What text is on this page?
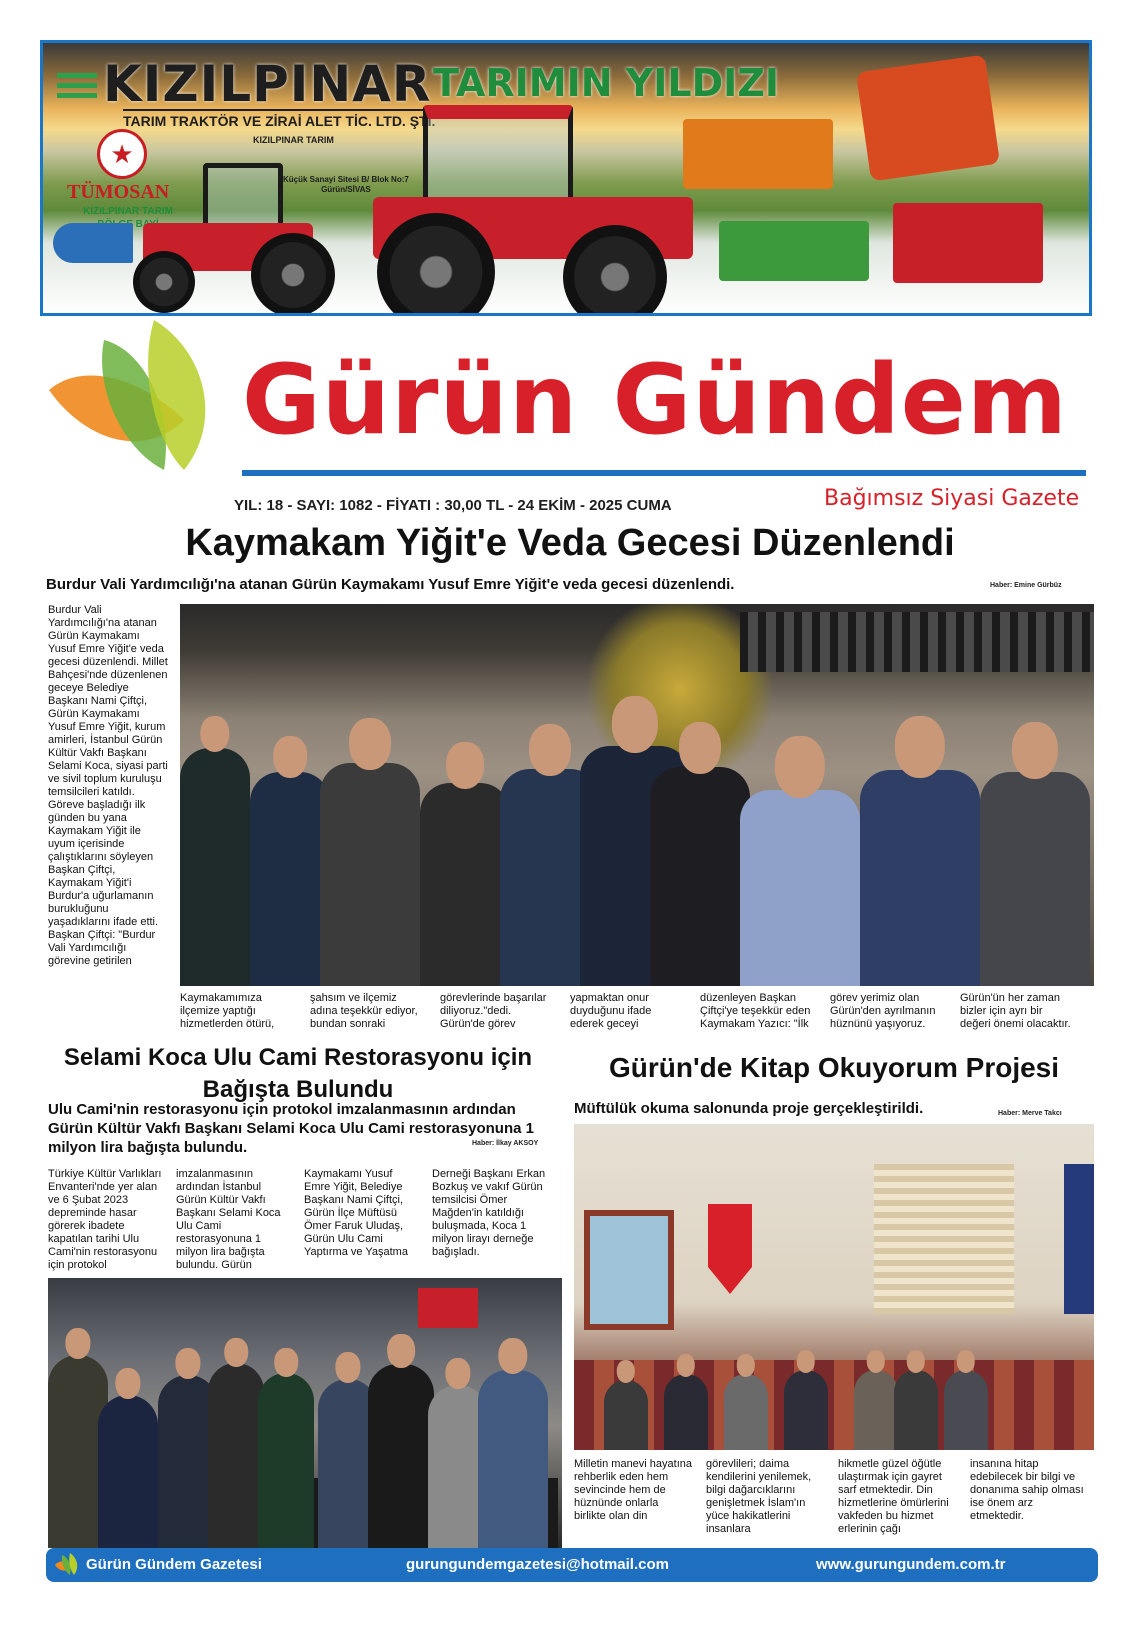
KIZILPINAR TARIMIN YILDIZI
TARIM TRAKTÖR VE ZİRAİ ALET TİC. LTD. ŞTİ.
★
TÜMOSAN
KIZILPINAR TARIM
KIZILPINAR TARIM
Küçük Sanayi Sitesi B/ Blok No:7
Gürün/SİVAS
Gürün Gündem
YIL: 18 - SAYI: 1082 - FİYATI : 30,00 TL - 24 EKİM - 2025 CUMA	Bağımsız Siyasi Gazete
Kaymakam Yiğit'e Veda Gecesi Düzenlendi
Burdur Vali Yardımcılığı'na atanan Gürün Kaymakamı Yusuf Emre Yiğit'e veda gecesi düzenlendi.	Haber: Emine Gürbüz
Burdur Vali Yardımcılığı'na atanan Gürün Kaymakamı Yusuf Emre Yiğit'e veda gecesi düzenlendi. Millet Bahçesi'nde düzenlenen geceye Belediye Başkanı Nami Çiftçi, Gürün Kaymakamı Yusuf Emre Yiğit, kurum amirleri, İstanbul Gürün Kültür Vakfı Başkanı Selami Koca, siyasi parti ve sivil toplum kuruluşu temsilcileri katıldı. Göreve başladığı ilk günden bu yana Kaymakam Yiğit ile uyum içerisinde çalıştıklarını söyleyen Başkan Çiftçi, Kaymakam Yiğit'i Burdur'a uğurlamanın burukluğunu yaşadıklarını ifade etti. Başkan Çiftçi: "Burdur Vali Yardımcılığı görevine getirilen
Kaymakamımıza ilçemize yaptığı hizmetlerden ötürü,
şahsım ve ilçemiz adına teşekkür ediyor, bundan sonraki
görevlerinde başarılar diliyoruz."dedi. Gürün'de görev
yapmaktan onur duyduğunu ifade ederek geceyi
düzenleyen Başkan Çiftçi'ye teşekkür eden Kaymakam Yazıcı: "İlk
görev yerimiz olan Gürün'den ayrılmanın hüznünü yaşıyoruz.
Gürün'ün her zaman bizler için ayrı bir değeri önemi olacaktır.
Selami Koca Ulu Cami Restorasyonu için Bağışta Bulundu
Ulu Cami'nin restorasyonu için protokol imzalanmasının ardından Gürün Kültür Vakfı Başkanı Selami Koca Ulu Cami restorasyonuna 1 milyon lira bağışta bulundu.	Haber: İlkay AKSOY
Türkiye Kültür Varlıkları Envanteri'nde yer alan ve 6 Şubat 2023 depreminde hasar görerek ibadete kapatılan tarihi Ulu Cami'nin restorasyonu için protokol
imzalanmasının ardından İstanbul Gürün Kültür Vakfı Başkanı Selami Koca Ulu Cami restorasyonuna 1 milyon lira bağışta bulundu. Gürün
Kaymakamı Yusuf Emre Yiğit, Belediye Başkanı Nami Çiftçi, Gürün İlçe Müftüsü Ömer Faruk Uludaş, Gürün Ulu Cami Yaptırma ve Yaşatma
Derneği Başkanı Erkan Bozkuş ve vakıf Gürün temsilcisi Ömer Mağden'in katıldığı buluşmada, Koca 1 milyon lirayı derneğe bağışladı.
Gürün'de Kitap Okuyorum Projesi
Müftülük okuma salonunda proje gerçekleştirildi.	Haber: Merve Takcı
Milletin manevi hayatına rehberlik eden hem sevincinde hem de hüznünde onlarla birlikte olan din
görevlileri; daima kendilerini yenilemek, bilgi dağarcıklarını genişletmek İslam'ın yüce hakikatlerini insanlara
hikmetle güzel öğütle ulaştırmak için gayret sarf etmektedir. Din hizmetlerine ömürlerini vakfeden bu hizmet erlerinin çağı
insanına hitap edebilecek bir bilgi ve donanıma sahip olması ise önem arz etmektedir.
Gürün Gündem Gazetesi	gurungundemgazetesi@hotmail.com	www.gurungundem.com.tr
